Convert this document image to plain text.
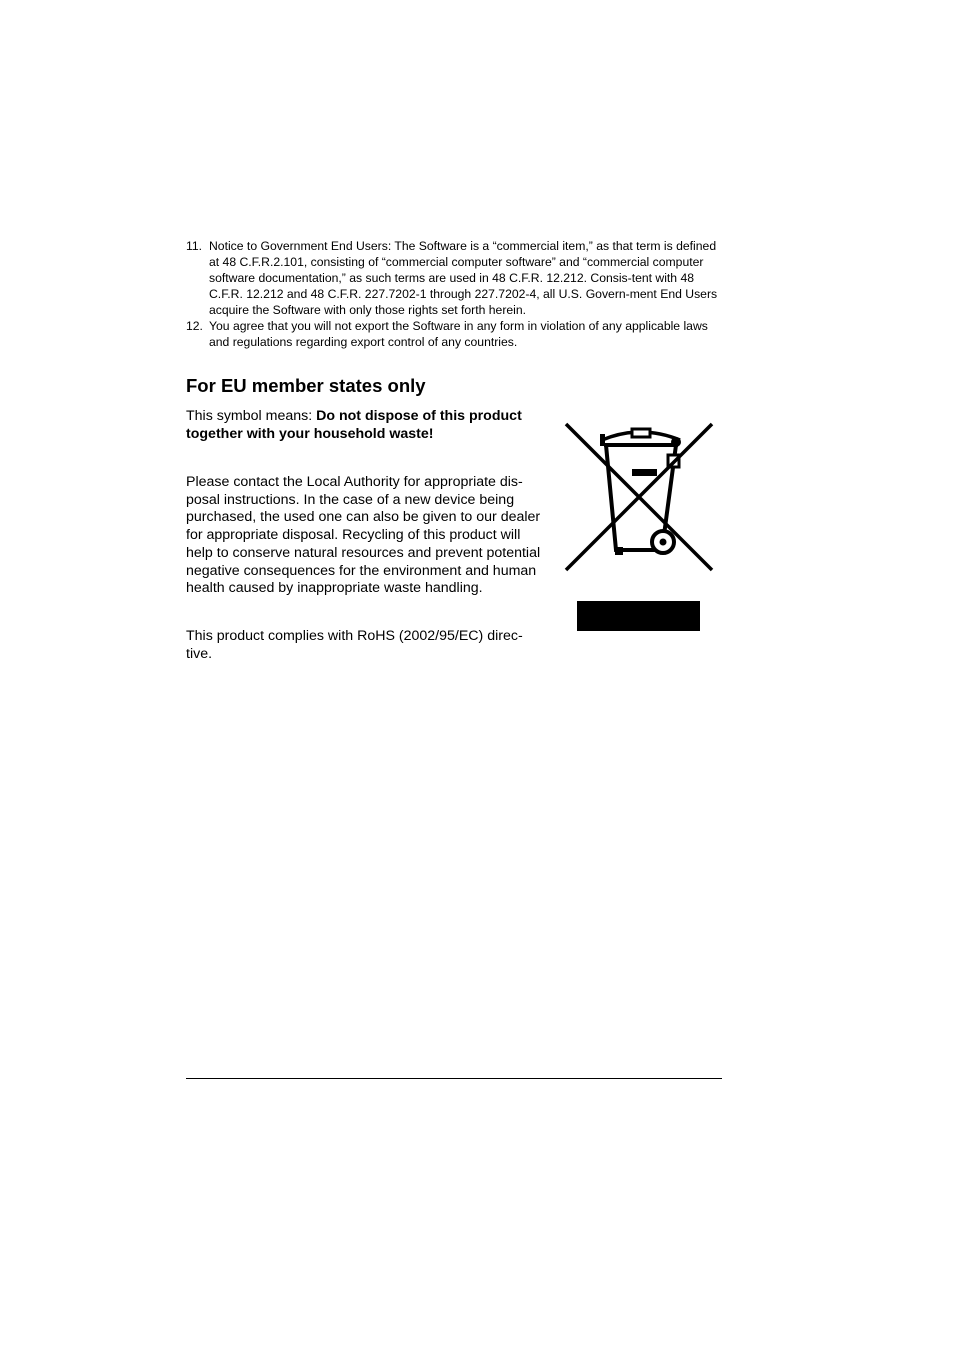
11. Notice to Government End Users: The Software is a “commercial item,” as that term is defined at 48 C.F.R.2.101, consisting of “commercial computer software” and “commercial computer software documentation,” as such terms are used in 48 C.F.R. 12.212. Consis-tent with 48 C.F.R. 12.212 and 48 C.F.R. 227.7202-1 through 227.7202-4, all U.S. Govern-ment End Users acquire the Software with only those rights set forth herein.
12. You agree that you will not export the Software in any form in violation of any applicable laws and regulations regarding export control of any countries.
For EU member states only

This symbol means: Do not dispose of this product together with your household waste!

Please contact the Local Authority for appropriate dis-posal instructions. In the case of a new device being purchased, the used one can also be given to our dealer for appropriate disposal. Recycling of this product will help to conserve natural resources and prevent potential negative consequences for the environment and human health caused by inappropriate waste handling.

This product complies with RoHS (2002/95/EC) direc-tive.
